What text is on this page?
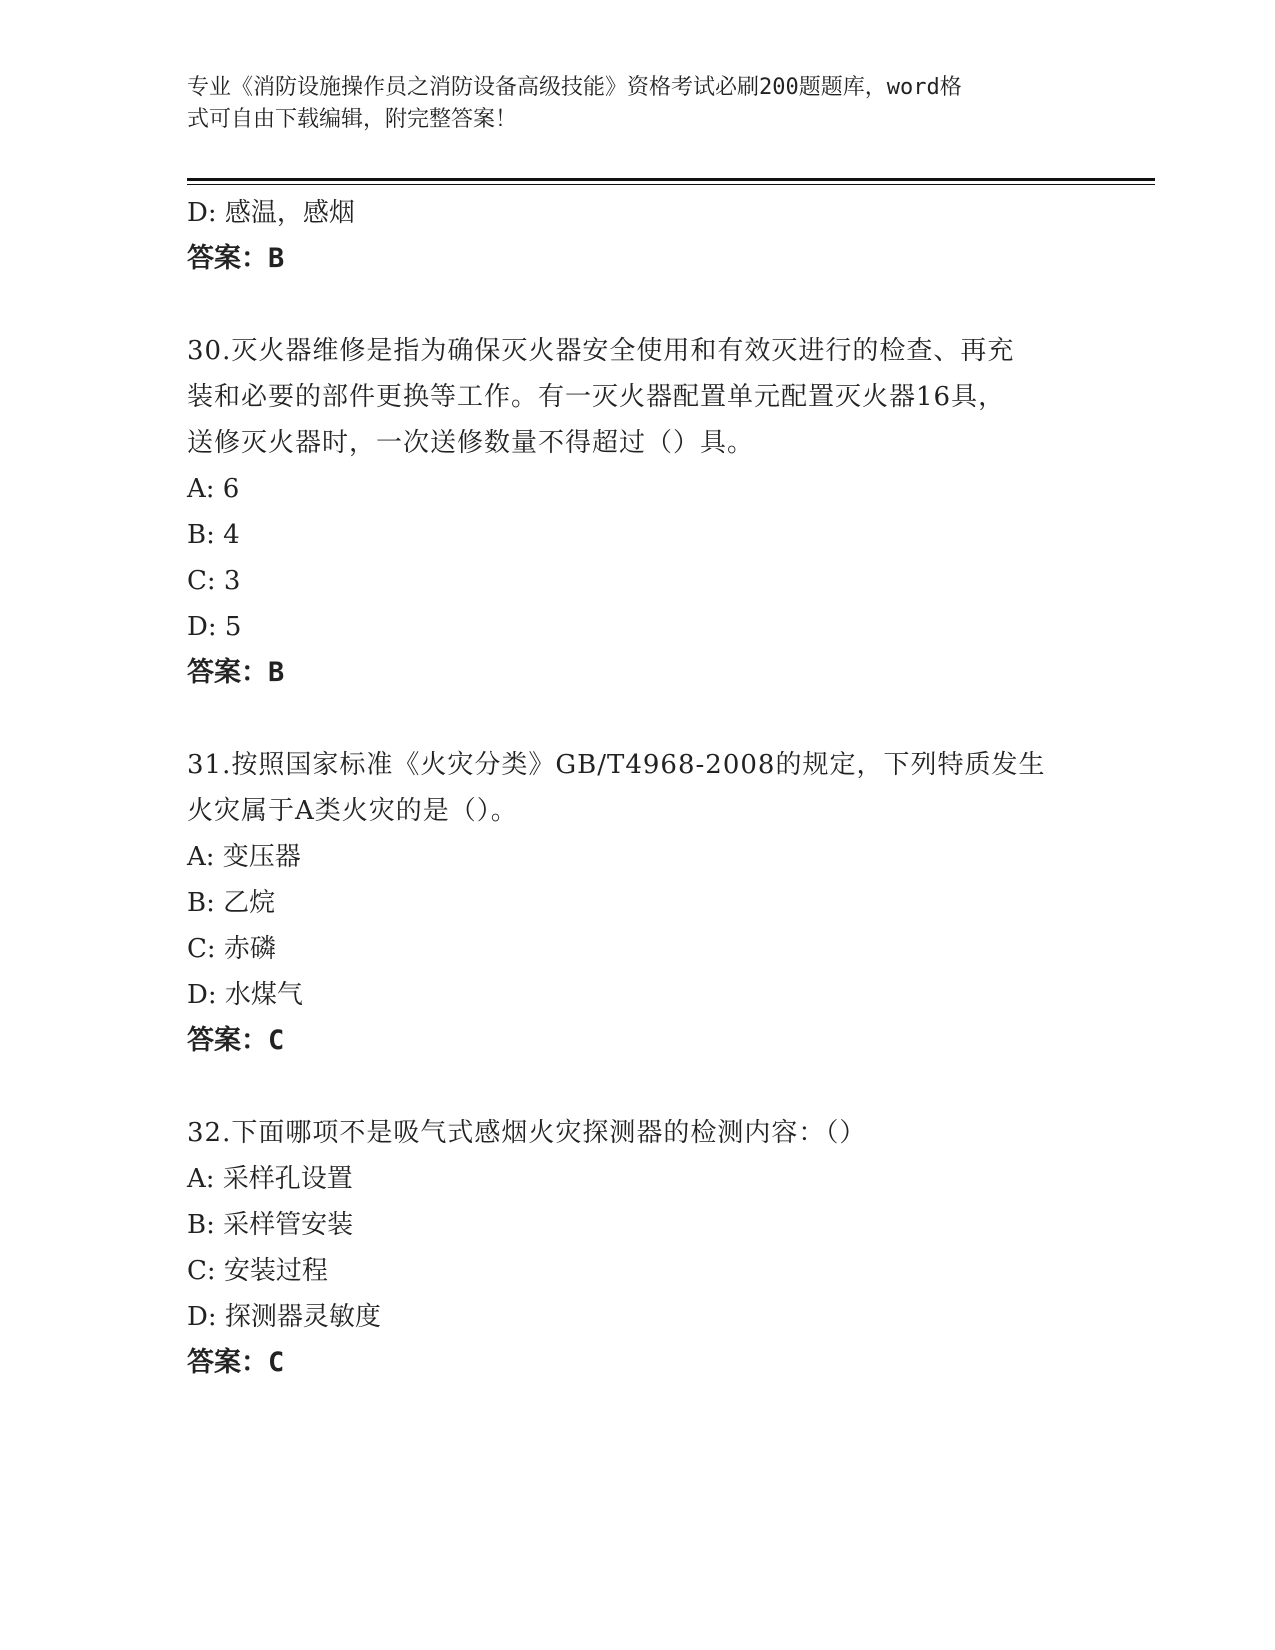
专业《消防设施操作员之消防设备高级技能》资格考试必刷200题题库，word格
式可自由下载编辑，附完整答案！
D: 感温，感烟
答案：B
30.灭火器维修是指为确保灭火器安全使用和有效灭进行的检查、再充
装和必要的部件更换等工作。有一灭火器配置单元配置灭火器16具，
送修灭火器时，一次送修数量不得超过（）具。
A: 6
B: 4
C: 3
D: 5
答案：B
31.按照国家标准《火灾分类》GB/T4968-2008的规定，下列特质发生
火灾属于A类火灾的是（）。
A: 变压器
B: 乙烷
C: 赤磷
D: 水煤气
答案：C
32.下面哪项不是吸气式感烟火灾探测器的检测内容：（）
A: 采样孔设置
B: 采样管安装
C: 安装过程
D: 探测器灵敏度
答案：C
